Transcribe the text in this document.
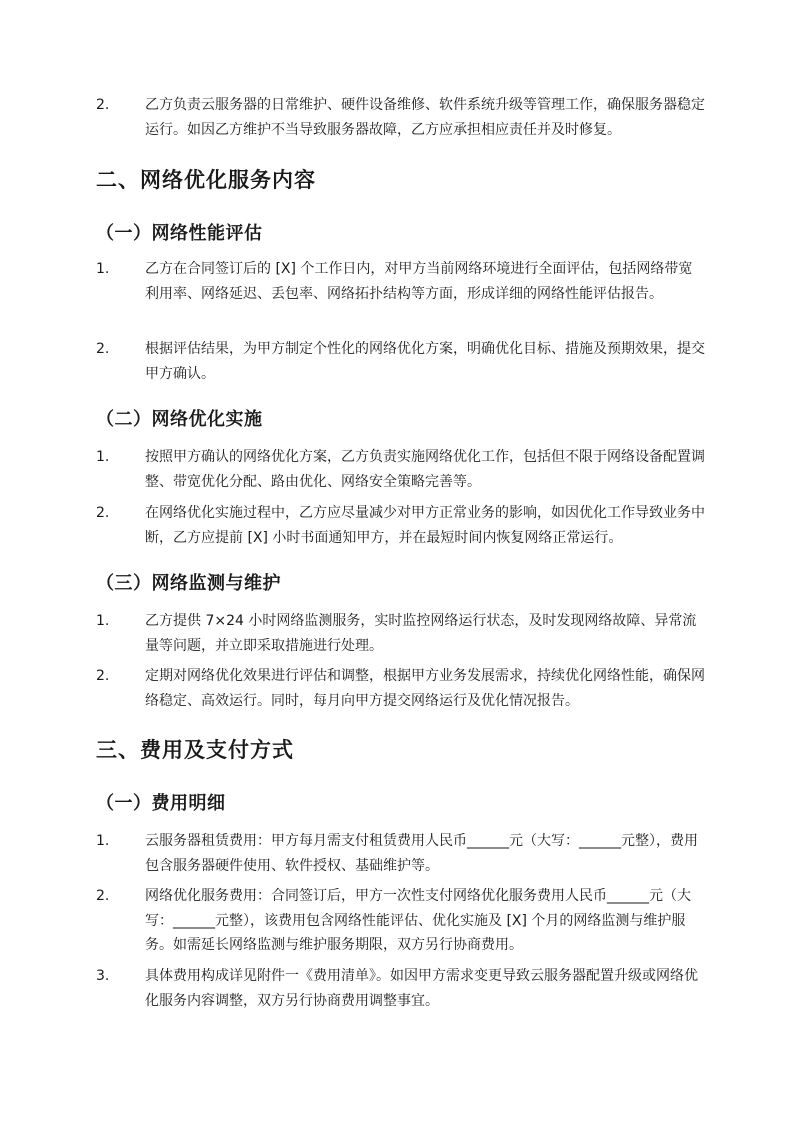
2.	乙方负责云服务器的日常维护、硬件设备维修、软件系统升级等管理工作，确保服务器稳定运行。如因乙方维护不当导致服务器故障，乙方应承担相应责任并及时修复。
二、网络优化服务内容
（一）网络性能评估
1.	乙方在合同签订后的 [X] 个工作日内，对甲方当前网络环境进行全面评估，包括网络带宽利用率、网络延迟、丢包率、网络拓扑结构等方面，形成详细的网络性能评估报告。
2.	根据评估结果，为甲方制定个性化的网络优化方案，明确优化目标、措施及预期效果，提交甲方确认。
（二）网络优化实施
1.	按照甲方确认的网络优化方案，乙方负责实施网络优化工作，包括但不限于网络设备配置调整、带宽优化分配、路由优化、网络安全策略完善等。
2.	在网络优化实施过程中，乙方应尽量减少对甲方正常业务的影响，如因优化工作导致业务中断，乙方应提前 [X] 小时书面通知甲方，并在最短时间内恢复网络正常运行。
（三）网络监测与维护
1.	乙方提供 7×24 小时网络监测服务，实时监控网络运行状态，及时发现网络故障、异常流量等问题，并立即采取措施进行处理。
2.	定期对网络优化效果进行评估和调整，根据甲方业务发展需求，持续优化网络性能，确保网络稳定、高效运行。同时，每月向甲方提交网络运行及优化情况报告。
三、费用及支付方式
（一）费用明细
1.	云服务器租赁费用：甲方每月需支付租赁费用人民币______元（大写：______元整），费用包含服务器硬件使用、软件授权、基础维护等。
2.	网络优化服务费用：合同签订后，甲方一次性支付网络优化服务费用人民币______元（大写：______元整），该费用包含网络性能评估、优化实施及 [X] 个月的网络监测与维护服务。如需延长网络监测与维护服务期限，双方另行协商费用。
3.	具体费用构成详见附件一《费用清单》。如因甲方需求变更导致云服务器配置升级或网络优化服务内容调整，双方另行协商费用调整事宜。
